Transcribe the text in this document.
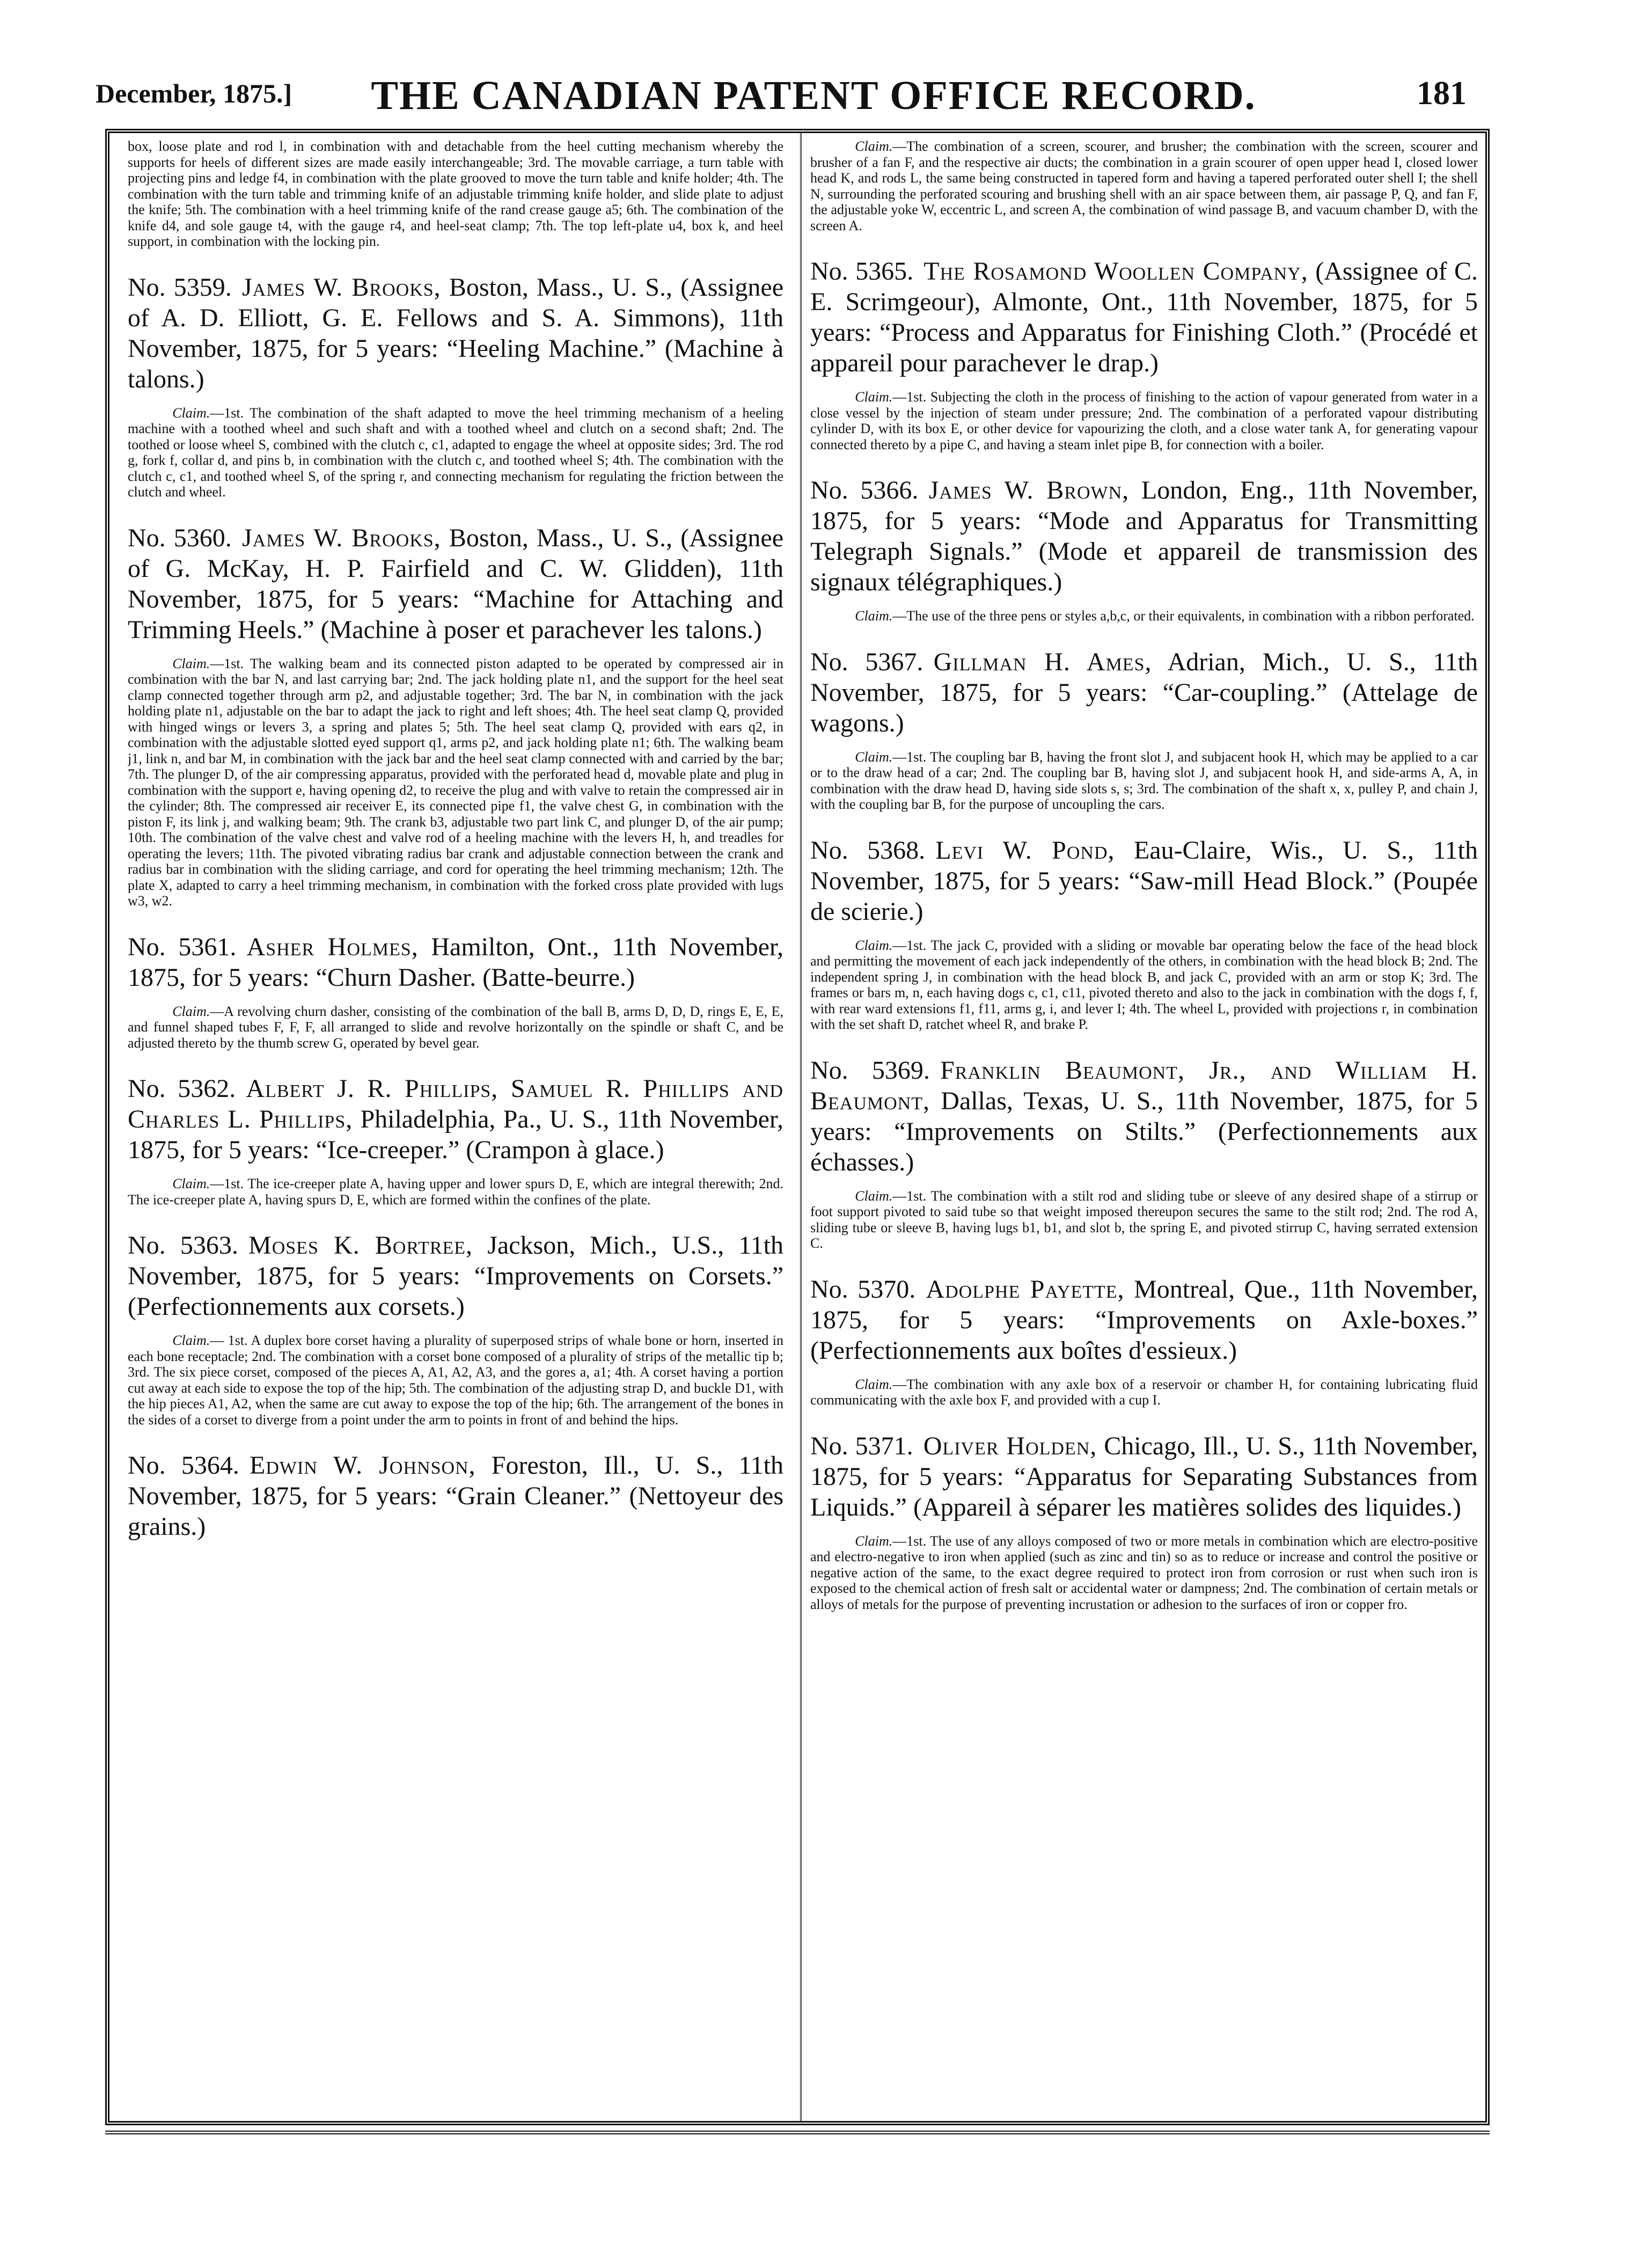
December, 1875.]	THE CANADIAN PATENT OFFICE RECORD.	181

box, loose plate and rod l, in combination with and detachable from the heel cutting mechanism whereby the supports for heels of different sizes are made easily interchangeable; 3rd. The movable carriage, a turn table with projecting pins and ledge f4, in combination with the plate grooved to move the turn table and knife holder; 4th. The combination with the turn table and trimming knife of an adjustable trimming knife holder, and slide plate to adjust the knife; 5th. The combination with a heel trimming knife of the rand crease gauge a5; 6th. The combination of the knife d4, and sole gauge t4, with the gauge r4, and heel-seat clamp; 7th. The top left-plate u4, box k, and heel support, in combination with the locking pin.

No. 5359. James W. Brooks, Boston, Mass., U. S., (Assignee of A. D. Elliott, G. E. Fellows and S. A. Simmons), 11th November, 1875, for 5 years: “Heeling Machine.” (Machine à talons.)

Claim.—1st. The combination of the shaft adapted to move the heel trimming mechanism of a heeling machine with a toothed wheel and such shaft and with a toothed wheel and clutch on a second shaft; 2nd. The toothed or loose wheel S, combined with the clutch c, c1, adapted to engage the wheel at opposite sides; 3rd. The rod g, fork f, collar d, and pins b, in combination with the clutch c, and toothed wheel S; 4th. The combination with the clutch c, c1, and toothed wheel S, of the spring r, and connecting mechanism for regulating the friction between the clutch and wheel.

No. 5360. James W. Brooks, Boston, Mass., U. S., (Assignee of G. McKay, H. P. Fairfield and C. W. Glidden), 11th November, 1875, for 5 years: “Machine for Attaching and Trimming Heels.” (Machine à poser et parachever les talons.)

Claim.—1st. The walking beam and its connected piston adapted to be operated by compressed air in combination with the bar N, and last carrying bar; 2nd. The jack holding plate n1, and the support for the heel seat clamp connected together through arm p2, and adjustable together; 3rd. The bar N, in combination with the jack holding plate n1, adjustable on the bar to adapt the jack to right and left shoes; 4th. The heel seat clamp Q, provided with hinged wings or levers 3, a spring and plates 5; 5th. The heel seat clamp Q, provided with ears q2, in combination with the adjustable slotted eyed support q1, arms p2, and jack holding plate n1; 6th. The walking beam j1, link n, and bar M, in combination with the jack bar and the heel seat clamp connected with and carried by the bar; 7th. The plunger D, of the air compressing apparatus, provided with the perforated head d, movable plate and plug in combination with the support e, having opening d2, to receive the plug and with valve to retain the compressed air in the cylinder; 8th. The compressed air receiver E, its connected pipe f1, the valve chest G, in combination with the piston F, its link j, and walking beam; 9th. The crank b3, adjustable two part link C, and plunger D, of the air pump; 10th. The combination of the valve chest and valve rod of a heeling machine with the levers H, h, and treadles for operating the levers; 11th. The pivoted vibrating radius bar crank and adjustable connection between the crank and radius bar in combination with the sliding carriage, and cord for operating the heel trimming mechanism; 12th. The plate X, adapted to carry a heel trimming mechanism, in combination with the forked cross plate provided with lugs w3, w2.

No. 5361. Asher Holmes, Hamilton, Ont., 11th November, 1875, for 5 years: “Churn Dasher. (Batte-beurre.)

Claim.—A revolving churn dasher, consisting of the combination of the ball B, arms D, D, D, rings E, E, E, and funnel shaped tubes F, F, F, all arranged to slide and revolve horizontally on the spindle or shaft C, and be adjusted thereto by the thumb screw G, operated by bevel gear.

No. 5362. Albert J. R. Phillips, Samuel R. Phillips and Charles L. Phillips, Philadelphia, Pa., U. S., 11th November, 1875, for 5 years: “Ice-creeper.” (Crampon à glace.)

Claim.—1st. The ice-creeper plate A, having upper and lower spurs D, E, which are integral therewith; 2nd. The ice-creeper plate A, having spurs D, E, which are formed within the confines of the plate.

No. 5363. Moses K. Bortree, Jackson, Mich., U.S., 11th November, 1875, for 5 years: “Improvements on Corsets.” (Perfectionnements aux corsets.)

Claim.— 1st. A duplex bore corset having a plurality of superposed strips of whale bone or horn, inserted in each bone receptacle; 2nd. The combination with a corset bone composed of a plurality of strips of the metallic tip b; 3rd. The six piece corset, composed of the pieces A, A1, A2, A3, and the gores a, a1; 4th. A corset having a portion cut away at each side to expose the top of the hip; 5th. The combination of the adjusting strap D, and buckle D1, with the hip pieces A1, A2, when the same are cut away to expose the top of the hip; 6th. The arrangement of the bones in the sides of a corset to diverge from a point under the arm to points in front of and behind the hips.

No. 5364. Edwin W. Johnson, Foreston, Ill., U. S., 11th November, 1875, for 5 years: “Grain Cleaner.” (Nettoyeur des grains.)

Claim.—The combination of a screen, scourer, and brusher; the combination with the screen, scourer and brusher of a fan F, and the respective air ducts; the combination in a grain scourer of open upper head I, closed lower head K, and rods L, the same being constructed in tapered form and having a tapered perforated outer shell I; the shell N, surrounding the perforated scouring and brushing shell with an air space between them, air passage P, Q, and fan F, the adjustable yoke W, eccentric L, and screen A, the combination of wind passage B, and vacuum chamber D, with the screen A.

No. 5365. The Rosamond Woollen Company, (Assignee of C. E. Scrimgeour), Almonte, Ont., 11th November, 1875, for 5 years: “Process and Apparatus for Finishing Cloth.” (Procédé et appareil pour parachever le drap.)

Claim.—1st. Subjecting the cloth in the process of finishing to the action of vapour generated from water in a close vessel by the injection of steam under pressure; 2nd. The combination of a perforated vapour distributing cylinder D, with its box E, or other device for vapourizing the cloth, and a close water tank A, for generating vapour connected thereto by a pipe C, and having a steam inlet pipe B, for connection with a boiler.

No. 5366. James W. Brown, London, Eng., 11th November, 1875, for 5 years: “Mode and Apparatus for Transmitting Telegraph Signals.” (Mode et appareil de transmission des signaux télégraphiques.)

Claim.—The use of the three pens or styles a,b,c, or their equivalents, in combination with a ribbon perforated.

No. 5367. Gillman H. Ames, Adrian, Mich., U. S., 11th November, 1875, for 5 years: “Car-coupling.” (Attelage de wagons.)

Claim.—1st. The coupling bar B, having the front slot J, and subjacent hook H, which may be applied to a car or to the draw head of a car; 2nd. The coupling bar B, having slot J, and subjacent hook H, and side-arms A, A, in combination with the draw head D, having side slots s, s; 3rd. The combination of the shaft x, x, pulley P, and chain J, with the coupling bar B, for the purpose of uncoupling the cars.

No. 5368. Levi W. Pond, Eau-Claire, Wis., U. S., 11th November, 1875, for 5 years: “Saw-mill Head Block.” (Poupée de scierie.)

Claim.—1st. The jack C, provided with a sliding or movable bar operating below the face of the head block and permitting the movement of each jack independently of the others, in combination with the head block B; 2nd. The independent spring J, in combination with the head block B, and jack C, provided with an arm or stop K; 3rd. The frames or bars m, n, each having dogs c, c1, c11, pivoted thereto and also to the jack in combination with the dogs f, f, with rear ward extensions f1, f11, arms g, i, and lever I; 4th. The wheel L, provided with projections r, in combination with the set shaft D, ratchet wheel R, and brake P.

No. 5369. Franklin Beaumont, Jr., and William H. Beaumont, Dallas, Texas, U. S., 11th November, 1875, for 5 years: “Improvements on Stilts.” (Perfectionnements aux échasses.)

Claim.—1st. The combination with a stilt rod and sliding tube or sleeve of any desired shape of a stirrup or foot support pivoted to said tube so that weight imposed thereupon secures the same to the stilt rod; 2nd. The rod A, sliding tube or sleeve B, having lugs b1, b1, and slot b, the spring E, and pivoted stirrup C, having serrated extension C.

No. 5370. Adolphe Payette, Montreal, Que., 11th November, 1875, for 5 years: “Improvements on Axle-boxes.” (Perfectionnements aux boîtes d'essieux.)

Claim.—The combination with any axle box of a reservoir or chamber H, for containing lubricating fluid communicating with the axle box F, and provided with a cup I.

No. 5371. Oliver Holden, Chicago, Ill., U. S., 11th November, 1875, for 5 years: “Apparatus for Separating Substances from Liquids.” (Appareil à séparer les matières solides des liquides.)

Claim.—1st. The use of any alloys composed of two or more metals in combination which are electro-positive and electro-negative to iron when applied (such as zinc and tin) so as to reduce or increase and control the positive or negative action of the same, to the exact degree required to protect iron from corrosion or rust when such iron is exposed to the chemical action of fresh salt or accidental water or dampness; 2nd. The combination of certain metals or alloys of metals for the purpose of preventing incrustation or adhesion to the surfaces of iron or copper fro.
